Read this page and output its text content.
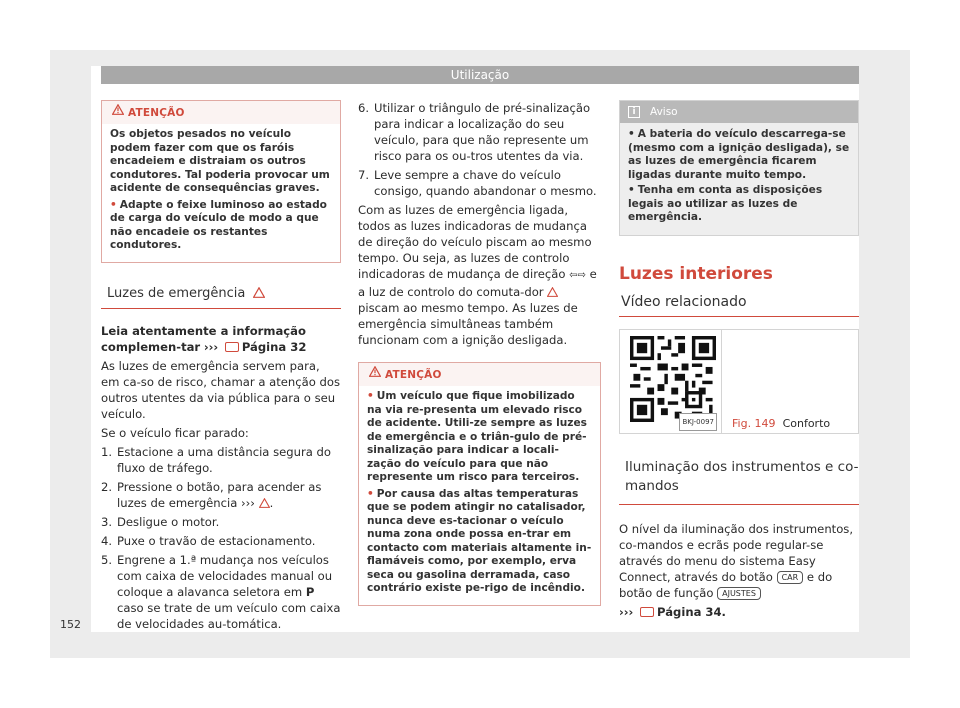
Utilização
ATENÇÃO

Os objetos pesados no veículo podem fazer com que os faróis encadeiem e distraiam os outros condutores. Tal poderia provocar um acidente de consequências graves.

• Adapte o feixe luminoso ao estado de carga do veículo de modo a que não encadeie os restantes condutores.

Luzes de emergência

Leia atentamente a informação complemen-tar ››› Página 32

As luzes de emergência servem para, em ca-so de risco, chamar a atenção dos outros utentes da via pública para o seu veículo.

Se o veículo ficar parado:

1. Estacione a uma distância segura do fluxo de tráfego.
2. Pressione o botão, para acender as luzes de emergência ››› .
3. Desligue o motor.
4. Puxe o travão de estacionamento.
5. Engrene a 1.ª mudança nos veículos com caixa de velocidades manual ou coloque a alavanca seletora em P caso se trate de um veículo com caixa de velocidades au-tomática.
6. Utilizar o triângulo de pré-sinalização para indicar a localização do seu veículo, para que não represente um risco para os ou-tros utentes da via.
7. Leve sempre a chave do veículo consigo, quando abandonar o mesmo.

Com as luzes de emergência ligada, todos as luzes indicadoras de mudança de direção do veículo piscam ao mesmo tempo. Ou seja, as luzes de controlo indicadoras de mudança de direção ⇦⇨ e a luz de controlo do comuta-dor  piscam ao mesmo tempo. As luzes de emergência simultâneas também funcionam com a ignição desligada.

ATENÇÃO

• Um veículo que fique imobilizado na via re-presenta um elevado risco de acidente. Utili-ze sempre as luzes de emergência e o triân-gulo de pré-sinalização para indicar a locali-zação do veículo para que não represente um risco para terceiros.

• Por causa das altas temperaturas que se podem atingir no catalisador, nunca deve es-tacionar o veículo numa zona onde possa en-trar em contacto com materiais altamente in-flamáveis como, por exemplo, erva seca ou gasolina derramada, caso contrário existe pe-rigo de incêndio.

i	Aviso

• A bateria do veículo descarrega-se (mesmo com a ignição desligada), se as luzes de emergência ficarem ligadas durante muito tempo.

• Tenha em conta as disposições legais ao utilizar as luzes de emergência.

Luzes interiores
Vídeo relacionado
BKJ-0097 Fig. 149 Conforto
Iluminação dos instrumentos e co-mandos

O nível da iluminação dos instrumentos, co-mandos e ecrãs pode regular-se através do menu do sistema Easy Connect, através do botão CAR e do botão de função AJUSTES

››› Página 34.

152
